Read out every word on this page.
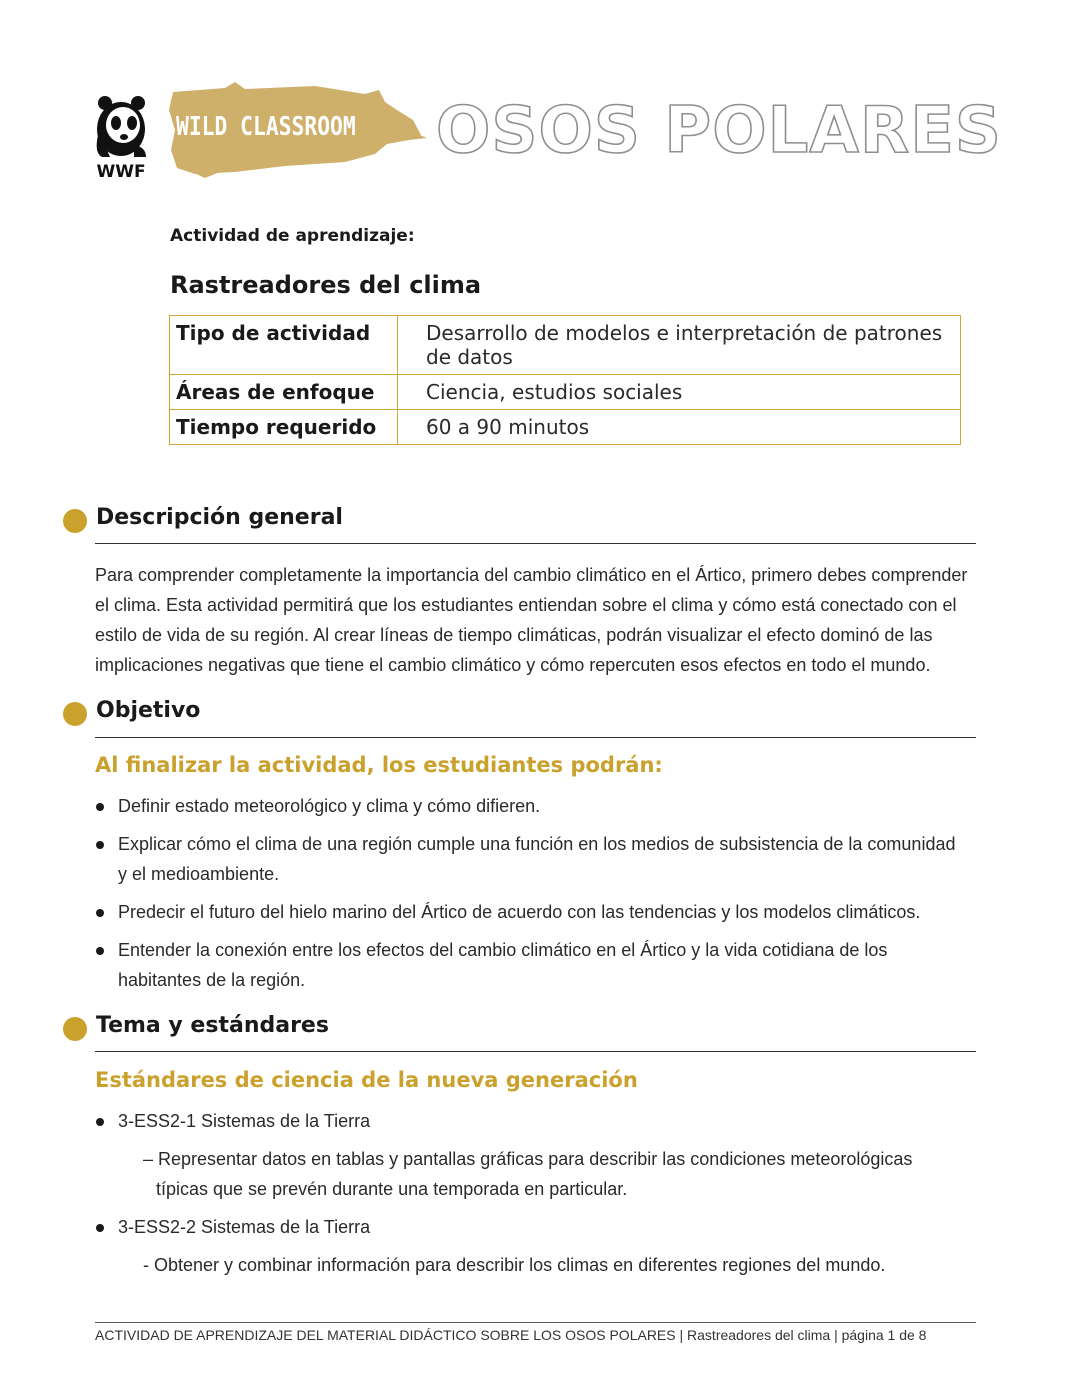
WWF
WILD CLASSROOM OSOS POLARES
Actividad de aprendizaje:
Rastreadores del clima
Tipo de actividad	Desarrollo de modelos e interpretación de patrones de datos
Áreas de enfoque	Ciencia, estudios sociales
Tiempo requerido	60 a 90 minutos
Descripción general
Para comprender completamente la importancia del cambio climático en el Ártico, primero debes comprender el clima. Esta actividad permitirá que los estudiantes entiendan sobre el clima y cómo está conectado con el estilo de vida de su región. Al crear líneas de tiempo climáticas, podrán visualizar el efecto dominó de las implicaciones negativas que tiene el cambio climático y cómo repercuten esos efectos en todo el mundo.
Objetivo
Al finalizar la actividad, los estudiantes podrán:
Definir estado meteorológico y clima y cómo difieren.
Explicar cómo el clima de una región cumple una función en los medios de subsistencia de la comunidad y el medioambiente.
Predecir el futuro del hielo marino del Ártico de acuerdo con las tendencias y los modelos climáticos.
Entender la conexión entre los efectos del cambio climático en el Ártico y la vida cotidiana de los habitantes de la región.
Tema y estándares
Estándares de ciencia de la nueva generación
3-ESS2-1 Sistemas de la Tierra
– Representar datos en tablas y pantallas gráficas para describir las condiciones meteorológicas típicas que se prevén durante una temporada en particular.
3-ESS2-2 Sistemas de la Tierra
- Obtener y combinar información para describir los climas en diferentes regiones del mundo.
ACTIVIDAD DE APRENDIZAJE DEL MATERIAL DIDÁCTICO SOBRE LOS OSOS POLARES | Rastreadores del clima | página 1 de 8
